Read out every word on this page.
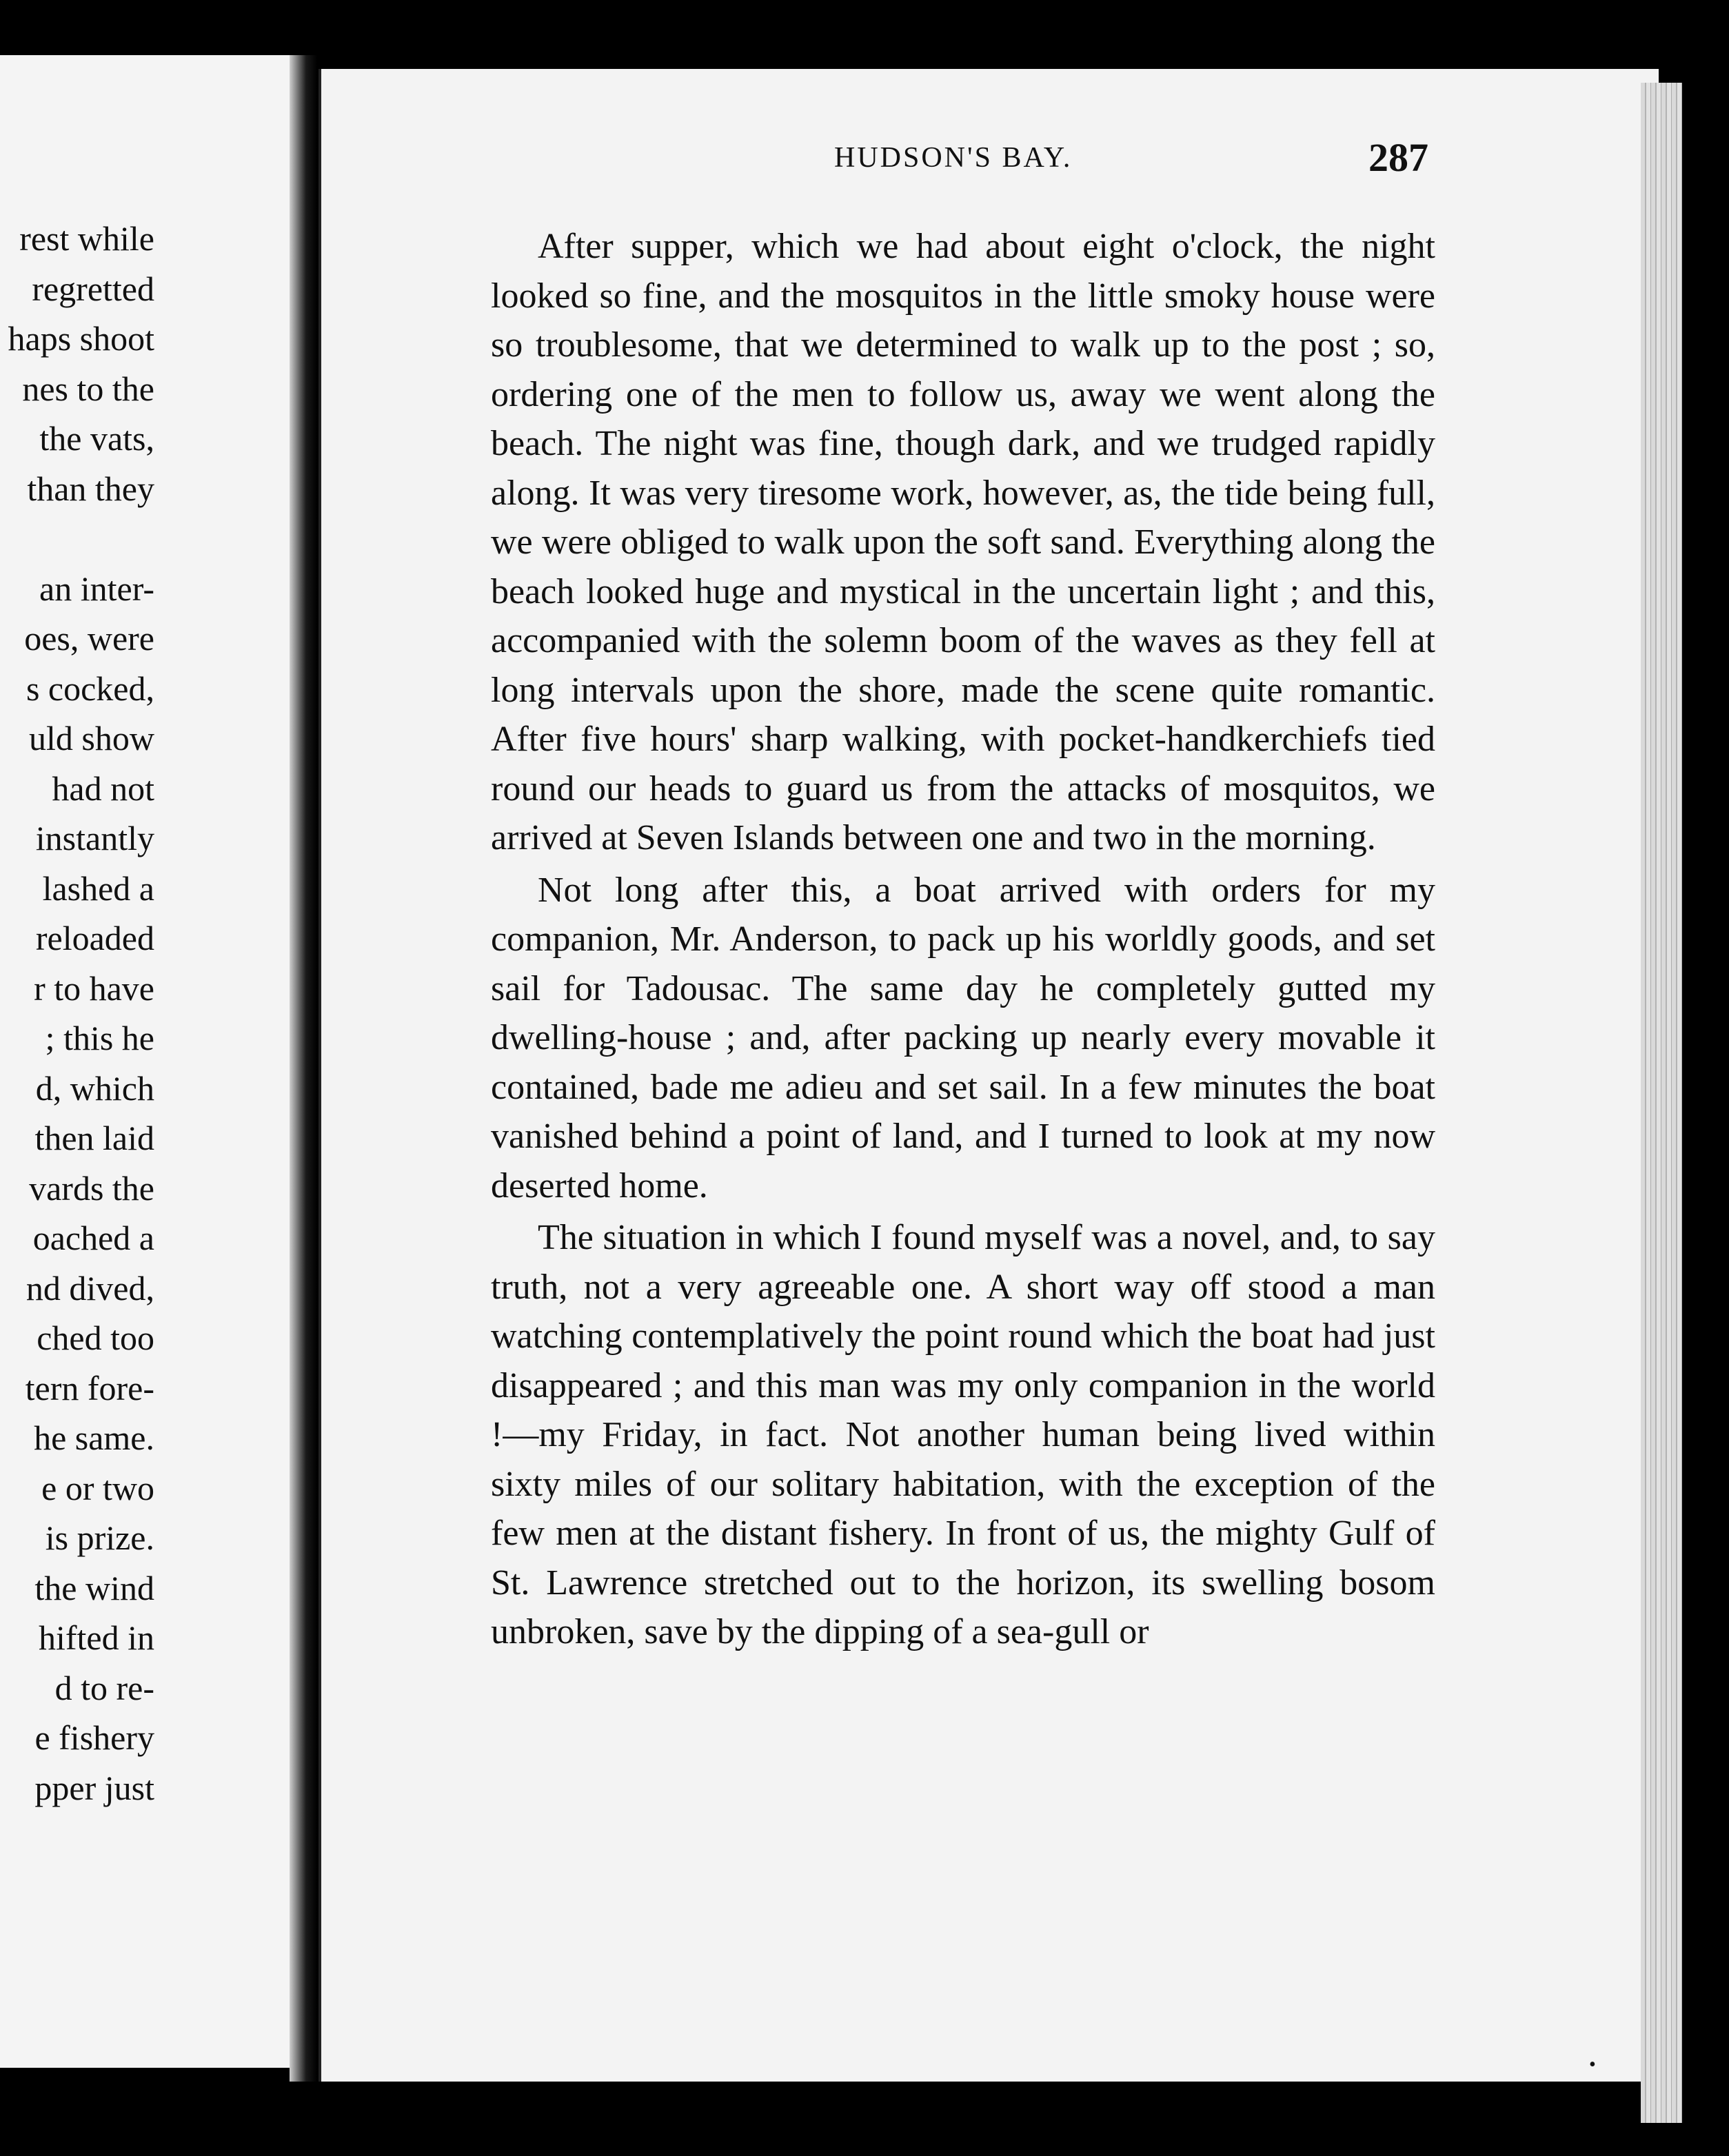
rest while
regretted
haps shoot
nes to the
the vats,
than they
an inter-
oes, were
s cocked,
uld show
had not
instantly
lashed a
reloaded
r to have
; this he
d, which
then laid
vards the
oached a
nd dived,
ched too
tern fore-
he same.
e or two
is prize.
the wind
hifted in
d to re-
e fishery
pper just
HUDSON'S BAY.	287

After supper, which we had about eight o'clock, the night looked so fine, and the mosquitos in the little smoky house were so troublesome, that we determined to walk up to the post ; so, ordering one of the men to follow us, away we went along the beach. The night was fine, though dark, and we trudged rapidly along. It was very tiresome work, however, as, the tide being full, we were obliged to walk upon the soft sand. Everything along the beach looked huge and mystical in the uncertain light ; and this, accompanied with the solemn boom of the waves as they fell at long intervals upon the shore, made the scene quite romantic. After five hours' sharp walking, with pocket-handkerchiefs tied round our heads to guard us from the attacks of mosquitos, we arrived at Seven Islands between one and two in the morning.

Not long after this, a boat arrived with orders for my companion, Mr. Anderson, to pack up his worldly goods, and set sail for Tadousac. The same day he completely gutted my dwelling-house ; and, after packing up nearly every movable it contained, bade me adieu and set sail. In a few minutes the boat vanished behind a point of land, and I turned to look at my now deserted home.

The situation in which I found myself was a novel, and, to say truth, not a very agreeable one. A short way off stood a man watching contemplatively the point round which the boat had just disappeared ; and this man was my only companion in the world !—my Friday, in fact. Not another human being lived within sixty miles of our solitary habitation, with the exception of the few men at the distant fishery. In front of us, the mighty Gulf of St. Lawrence stretched out to the horizon, its swelling bosom unbroken, save by the dipping of a sea-gull or

•
